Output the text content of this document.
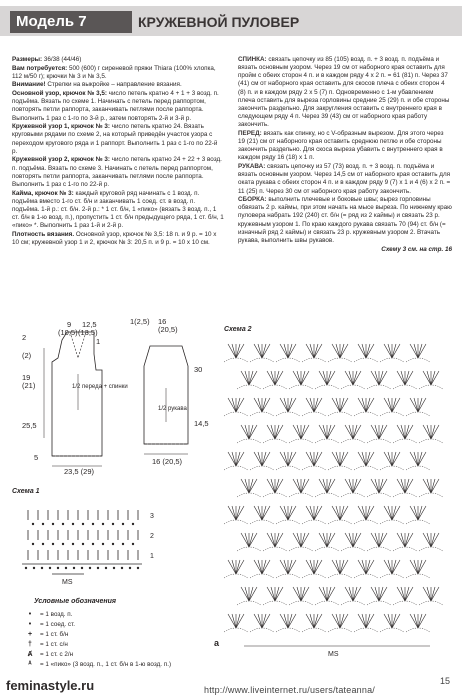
Модель 7	КРУЖЕВНОЙ ПУЛОВЕР

Размеры: 36/38 (44/46)

Вам потребуется: 500 (600) г сиреневой пряжи Thiara (100% хлопка, 112 м/50 г); крючки № 3 и № 3,5.

Внимание! Стрелки на выкройке – направление вязания.

Основной узор, крючок № 3,5: число петель кратно 4 + 1 + 3 возд. п. подъёма. Вязать по схеме 1. Начинать с петель перед раппортом, повторять петли раппорта, заканчивать петлями после раппорта. Выполнить 1 раз с 1-го по 3-й р., затем повторять 2-й и 3-й р.

Кружевной узор 1, крючок № 3: число петель кратно 24. Вязать круговыми рядами по схеме 2, на который приведён участок узора с переходом кругового ряда и 1 раппорт. Выполнить 1 раз с 1-го по 22-й р.

Кружевной узор 2, крючок № 3: число петель кратно 24 + 22 + 3 возд. п. подъёма. Вязать по схеме 3. Начинать с петель перед раппортом, повторять петли раппорта, заканчивать петлями после раппорта. Выполнить 1 раз с 1-го по 22-й р.

Кайма, крючок № 3: каждый круговой ряд начинать с 1 возд. п. подъёма вместо 1-го ст. б/н и заканчивать 1 соед. ст. в возд. п. подъёма. 1-й р.: ст. б/н. 2-й р.: * 1 ст. б/н, 1 «пико» (вязать 3 возд. п., 1 ст. б/н в 1-ю возд. п.), пропустить 1 ст. б/н предыдущего ряда, 1 ст. б/н, 1 «пико» *. Выполнить 1 раз 1-й и 2-й р.

Плотность вязания. Основной узор, крючок № 3,5: 18 п. и 9 р. = 10 х 10 см; кружевной узор 1 и 2, крючок № 3: 20,5 п. и 9 р. = 10 х 10 см.

СПИНКА: связать цепочку из 85 (105) возд. п. + 3 возд. п. подъёма и вязать основным узором. Через 19 см от наборного края оставить для пройм с обеих сторон 4 п. и в каждом ряду 4 х 2 п. = 61 (81) п. Через 37 (41) см от наборного края оставить для скосов плеча с обеих сторон 4 (8) п. и в каждом ряду 2 х 5 (7) п. Одновременно с 1-м убавлением плеча оставить для выреза горловины средние 25 (29) п. и обе стороны закончить раздельно. Для закругления оставить с внутреннего края в следующем ряду 4 п. Через 39 (43) см от наборного края работу закончить.

ПЕРЕД: вязать как спинку, но с V-образным вырезом. Для этого через 19 (21) см от наборного края оставить среднюю петлю и обе стороны закончить раздельно. Для скоса выреза убавить с внутреннего края в каждом ряду 16 (18) х 1 п.

РУКАВА: связать цепочку из 57 (73) возд. п. + 3 возд. п. подъёма и вязать основным узором. Через 14,5 см от наборного края оставить для оката рукава с обеих сторон 4 п. и в каждом ряду 9 (7) х 1 и 4 (6) х 2 п. = 11 (25) п. Через 30 см от наборного края работу закончить.

СБОРКА: выполнить плечевые и боковые швы; вырез горловины обвязать 2 р. каймы, при этом начать на мысе выреза. По нижнему краю пуловера набрать 192 (240) ст. б/н (= ряд из 2 каймы) и связать 23 р. кружевным узором 1. По краю каждого рукава связать 70 (94) ст. б/н (= изначный ряд 2 каймы) и связать 23 р. кружевным узором 2. Втачать рукава, выполнить швы рукавов.

Схему 3 см. на стр. 16

9
(10,5)
12,5
(13,5)
1
(2)
19
(21)
25,5
2
1/2 переда + спинки
23,5 (29)
5
1(2,5) 16
(20,5)
30
14,5
1/2 рукава
16 (20,5)
Схема 1
3
2
1
MS
Условные обозначения
•	= 1 возд. п.
•	= 1 соед. ст.
+	= 1 ст. б/н
†	= 1 ст. с/н
Ⱥ	= 1 ст. с 2/н
ᴬ	= 1 «пико» (3 возд. п., 1 ст. б/н в 1-ю возд. п.)
Схема 2
MS
a
feminastyle.ru	http://www.liveinternet.ru/users/tateanna/
15
